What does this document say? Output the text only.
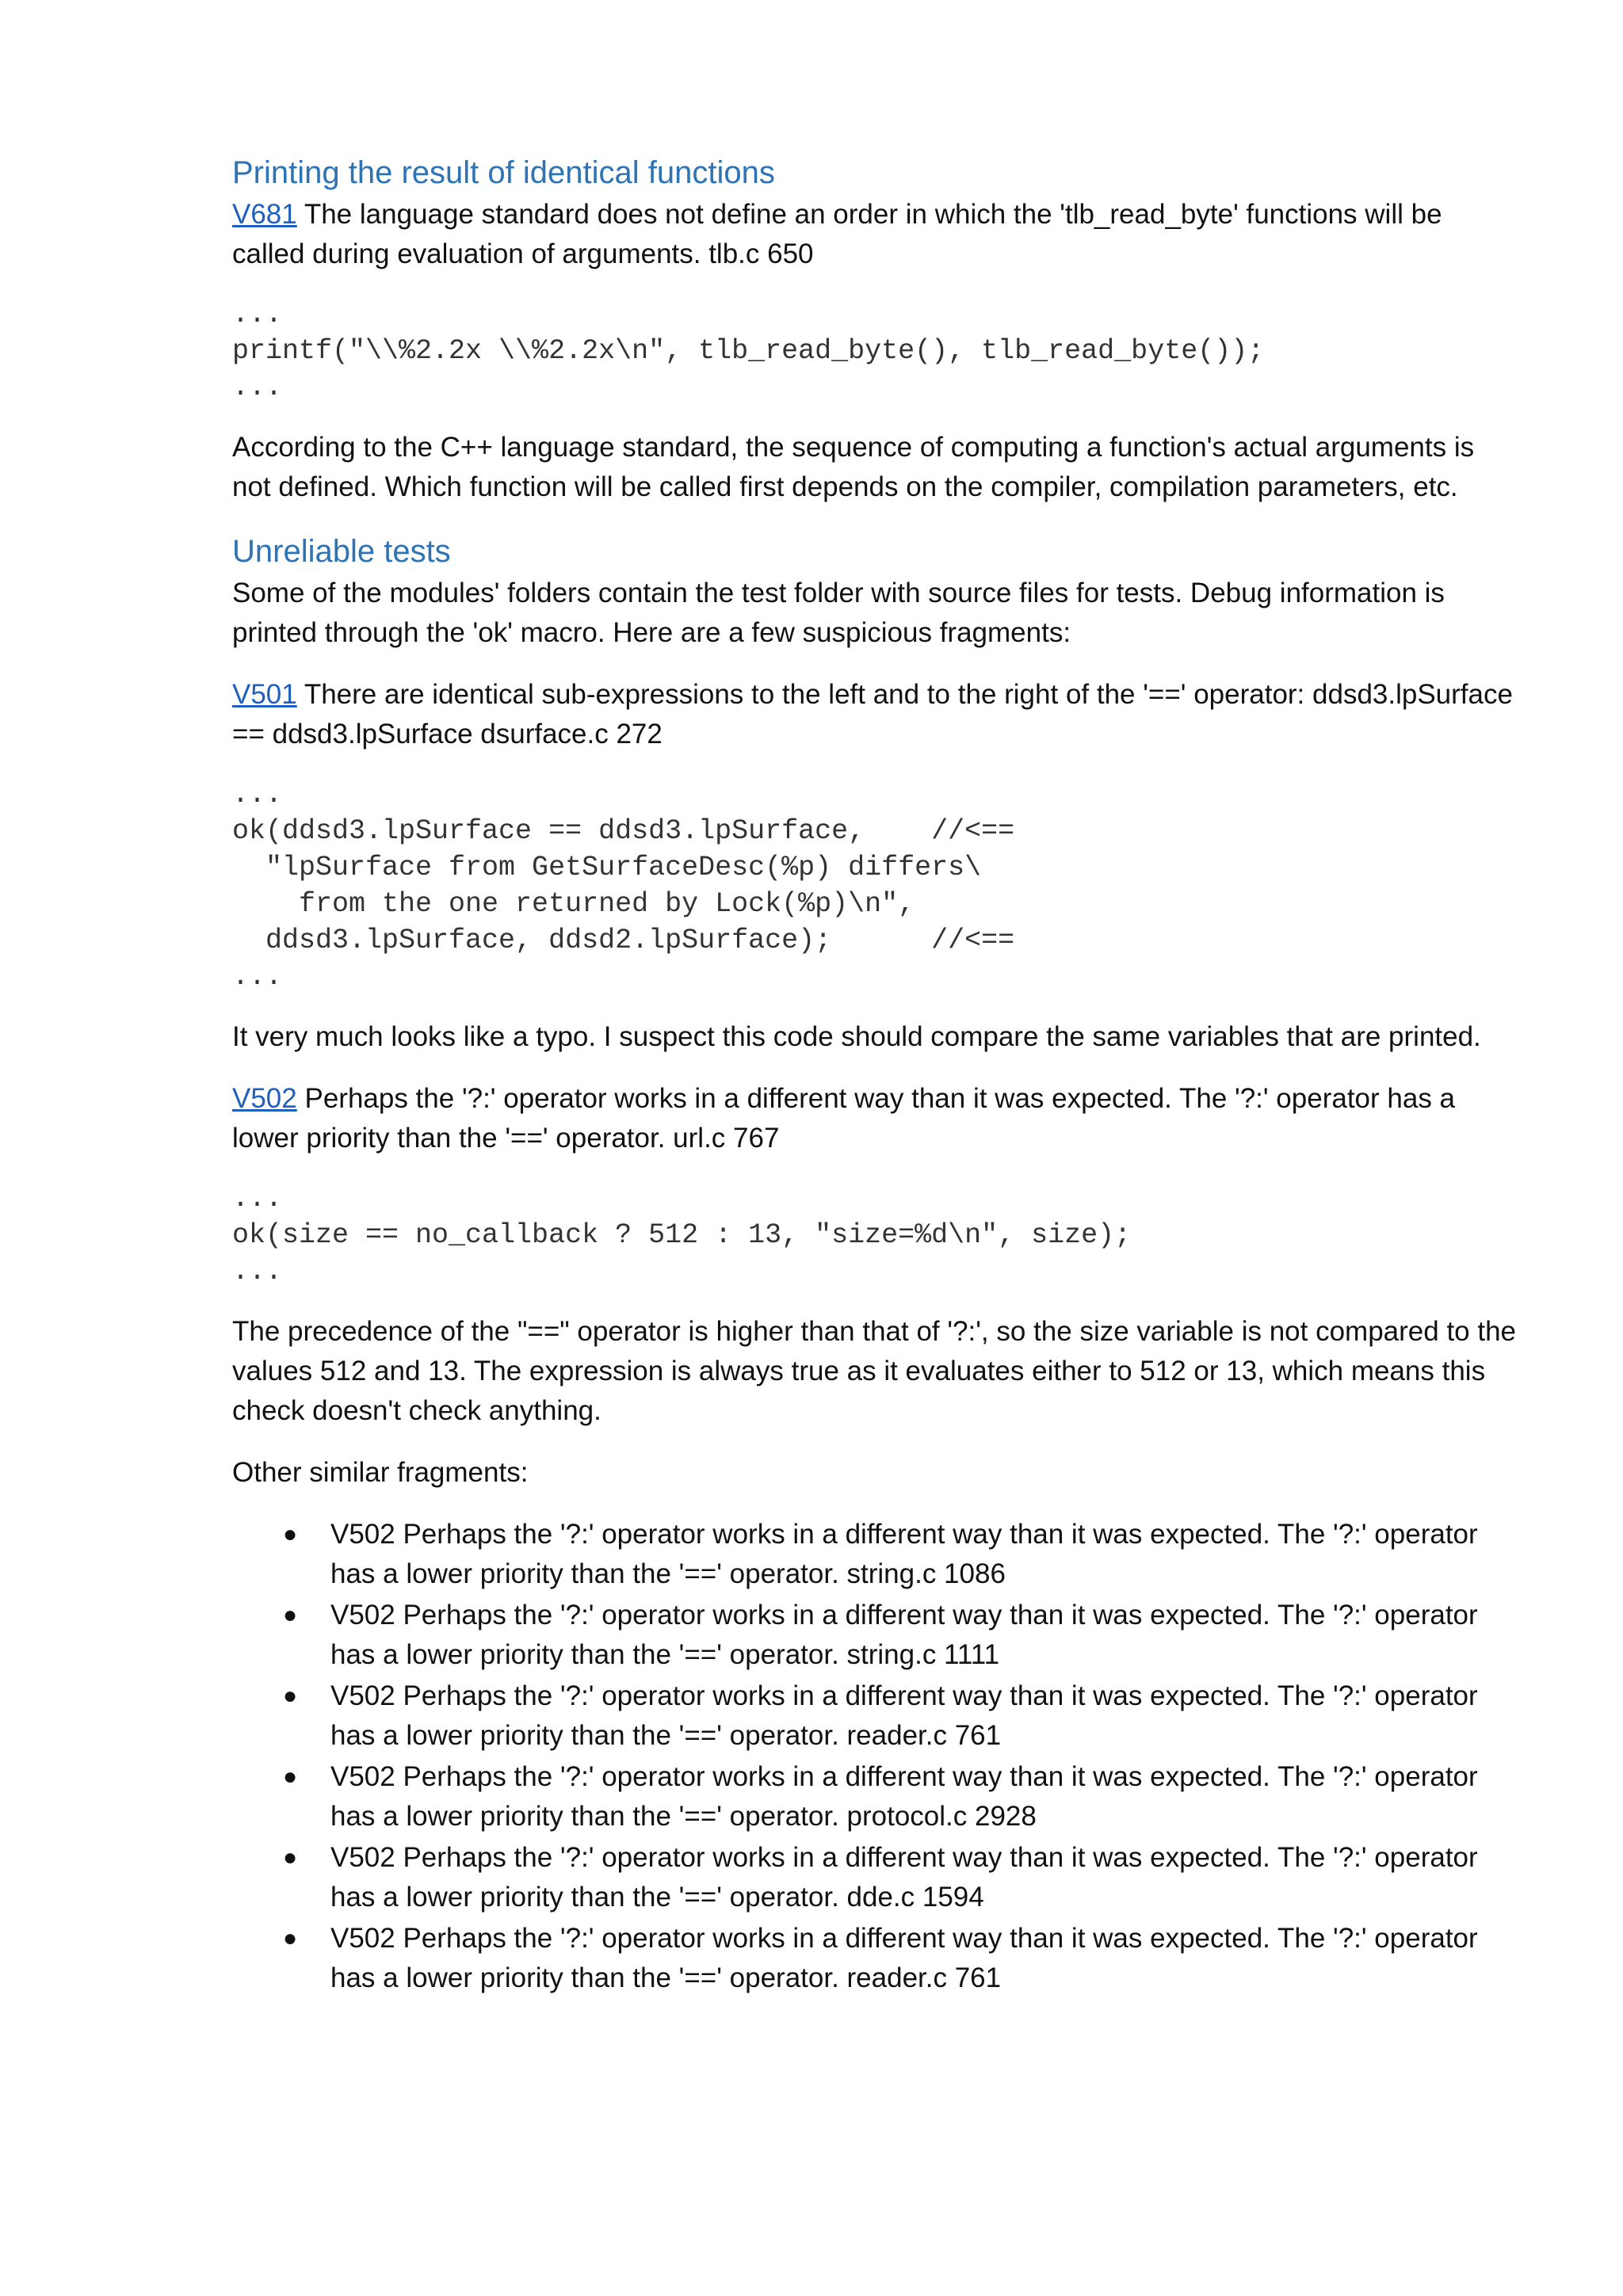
Printing the result of identical functions

V681 The language standard does not define an order in which the 'tlb_read_byte' functions will be called during evaluation of arguments. tlb.c 650

...
printf("\\%2.2x \\%2.2x\n", tlb_read_byte(), tlb_read_byte());
...

According to the C++ language standard, the sequence of computing a function's actual arguments is not defined. Which function will be called first depends on the compiler, compilation parameters, etc.

Unreliable tests

Some of the modules' folders contain the test folder with source files for tests. Debug information is printed through the 'ok' macro. Here are a few suspicious fragments:

V501 There are identical sub-expressions to the left and to the right of the '==' operator: ddsd3.lpSurface == ddsd3.lpSurface dsurface.c 272

...
ok(ddsd3.lpSurface == ddsd3.lpSurface,    //<==
"lpSurface from GetSurfaceDesc(%p) differs\
from the one returned by Lock(%p)\n",
ddsd3.lpSurface, ddsd2.lpSurface);      //<==
...

It very much looks like a typo. I suspect this code should compare the same variables that are printed.

V502 Perhaps the '?:' operator works in a different way than it was expected. The '?:' operator has a lower priority than the '==' operator. url.c 767

...
ok(size == no_callback ? 512 : 13, "size=%d\n", size);
...

The precedence of the "==" operator is higher than that of '?:', so the size variable is not compared to the values 512 and 13. The expression is always true as it evaluates either to 512 or 13, which means this check doesn't check anything.

Other similar fragments:

● V502 Perhaps the '?:' operator works in a different way than it was expected. The '?:' operator has a lower priority than the '==' operator. string.c 1086
● V502 Perhaps the '?:' operator works in a different way than it was expected. The '?:' operator has a lower priority than the '==' operator. string.c 1111
● V502 Perhaps the '?:' operator works in a different way than it was expected. The '?:' operator has a lower priority than the '==' operator. reader.c 761
● V502 Perhaps the '?:' operator works in a different way than it was expected. The '?:' operator has a lower priority than the '==' operator. protocol.c 2928
● V502 Perhaps the '?:' operator works in a different way than it was expected. The '?:' operator has a lower priority than the '==' operator. dde.c 1594
● V502 Perhaps the '?:' operator works in a different way than it was expected. The '?:' operator has a lower priority than the '==' operator. reader.c 761
